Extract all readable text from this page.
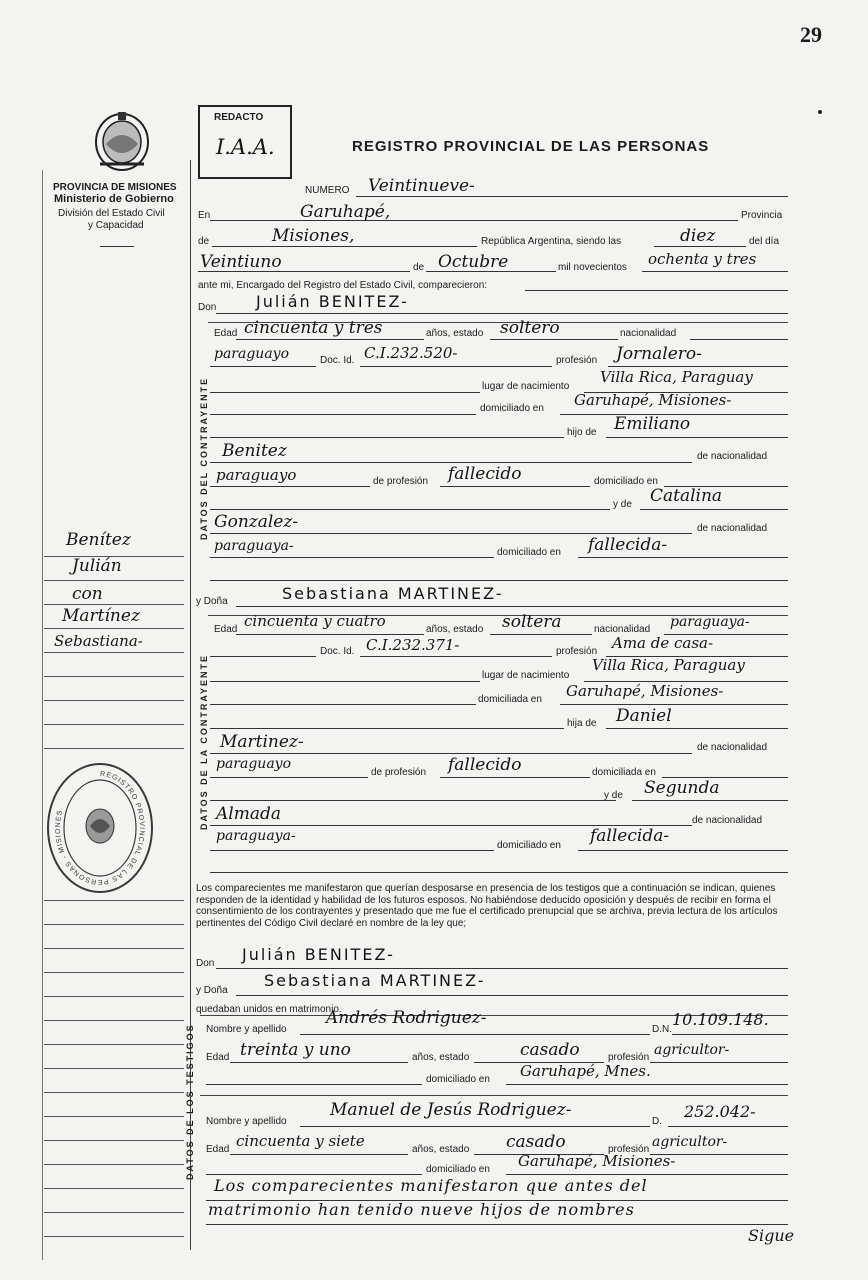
29
REDACTO
I.A.A.	REGISTRO PROVINCIAL DE LAS PERSONAS
PROVINCIA DE MISIONES
Ministerio de Gobierno
División del Estado Civil
y Capacidad
NUMERO Veintinueve-
En	Garuhapé,	Provincia
de	Misiones,	República Argentina, siendo las	diez	del día
Veintiuno	de Octubre	mil novecientos ochenta y tres
ante mi, Encargado del Registro del Estado Civil, comparecieron:
Don Julián BENITEZ-
DATOS DEL CONTRAYENTE
Edad cincuenta y tres	años, estado soltero	nacionalidad
paraguayo	Doc. Id. C.I.232.520-	profesión Jornalero-
lugar de nacimiento
Villa Rica, Paraguay
domiciliado en Garuhapé, Misiones-
hijo de Emiliano
Benitez	de nacionalidad
paraguayo	de profesión fallecido	domiciliado en
y de Catalina
Gonzalez-	de nacionalidad
paraguaya-	domiciliado en fallecida-
y Doña	Sebastiana MARTINEZ-
DATOS DE LA CONTRAYENTE
Edad cincuenta y cuatro	años, estado soltera	nacionalidad paraguaya-
Doc. Id. C.I.232.371-	profesión Ama de casa-
lugar de nacimiento
Villa Rica, Paraguay
domiciliada en Garuhapé, Misiones-
hija de Daniel
Martinez-	de nacionalidad
paraguayo
de profesión fallecido	domiciliada en
y de Segunda
Almada	de nacionalidad
paraguaya-
domiciliado en fallecida-
Los comparecientes me manifestaron que querían desposarse en presencia de los testigos que a continuación se indican, quienes responden de la identidad y habilidad de los futuros esposos. No habiéndose deducido oposición y después de recibir en forma el consentimiento de los contrayentes y presentado que me fue el certificado prenupcial que se archiva, previa lectura de los artículos pertinentes del Código Civil declaré en nombre de la ley que;
Don Julián BENITEZ-
y Doña
Sebastiana MARTINEZ-
quedaban unidos en matrimonio.
DATOS DE LOS TESTIGOS Nombre y apellido
Andrés Rodriguez-
D.N.
10.109.148.
Edad treinta y uno	años, estado	casado	profesión agricultor-
domiciliado en Garuhapé, Mnes.
Nombre y apellido
Manuel de Jesús Rodriguez-
D.
252.042-
Edad cincuenta y siete	años, estado casado	profesión agricultor-
domiciliado en Garuhapé, Misiones-
Los comparecientes manifestaron que antes del
matrimonio han tenido nueve hijos de nombres
Sigue
Benítez
Julián
con
Martínez
Sebastiana-
REGISTRO PROVINCIAL DE LAS PERSONAS - MISIONES
